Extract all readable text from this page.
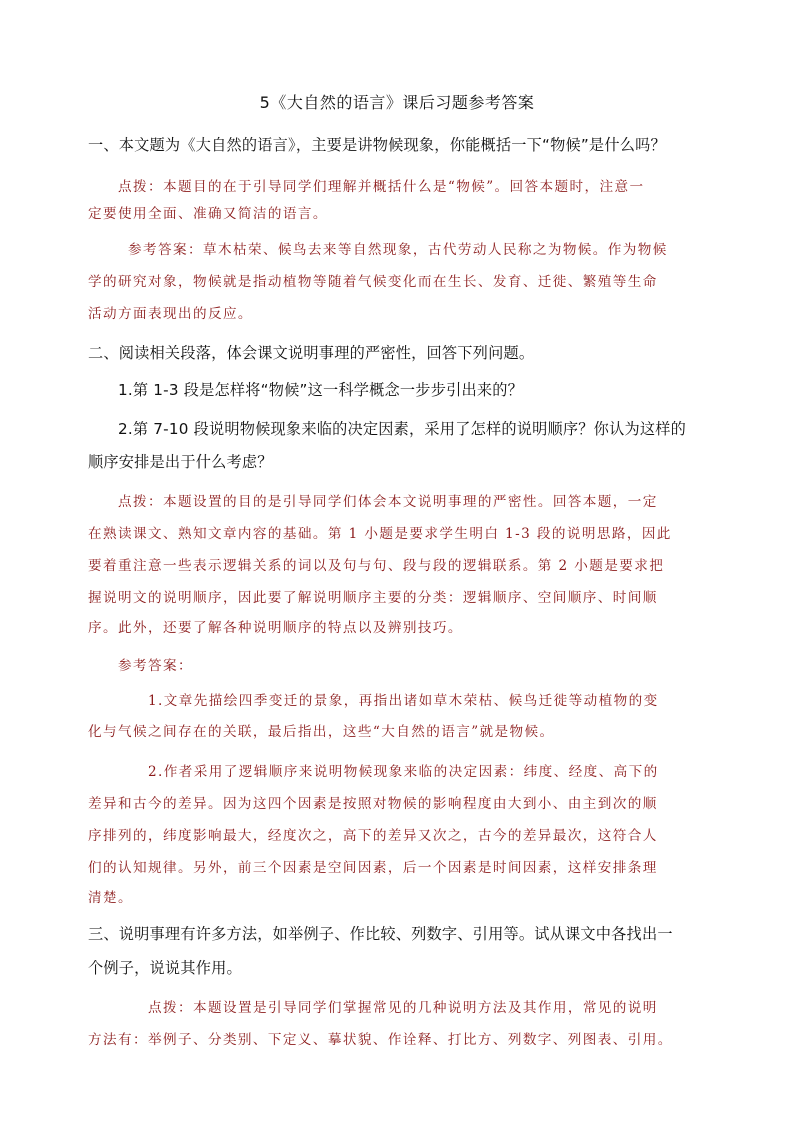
5《大自然的语言》课后习题参考答案
一、本文题为《大自然的语言》，主要是讲物候现象，你能概括一下“物候”是什么吗？
点拨：本题目的在于引导同学们理解并概括什么是“物候”。回答本题时，注意一
定要使用全面、准确又简洁的语言。
参考答案：草木枯荣、候鸟去来等自然现象，古代劳动人民称之为物候。作为物候
学的研究对象，物候就是指动植物等随着气候变化而在生长、发育、迁徙、繁殖等生命
活动方面表现出的反应。
二、阅读相关段落，体会课文说明事理的严密性，回答下列问题。
1.第 1-3 段是怎样将“物候”这一科学概念一步步引出来的？
2.第 7-10 段说明物候现象来临的决定因素，采用了怎样的说明顺序？你认为这样的
顺序安排是出于什么考虑？
点拨：本题设置的目的是引导同学们体会本文说明事理的严密性。回答本题，一定
在熟读课文、熟知文章内容的基础。第 1 小题是要求学生明白 1-3 段的说明思路，因此
要着重注意一些表示逻辑关系的词以及句与句、段与段的逻辑联系。第 2 小题是要求把
握说明文的说明顺序，因此要了解说明顺序主要的分类：逻辑顺序、空间顺序、时间顺
序。此外，还要了解各种说明顺序的特点以及辨别技巧。
参考答案：
1.文章先描绘四季变迁的景象，再指出诸如草木荣枯、候鸟迁徙等动植物的变
化与气候之间存在的关联，最后指出，这些“大自然的语言”就是物候。
2.作者采用了逻辑顺序来说明物候现象来临的决定因素：纬度、经度、高下的
差异和古今的差异。因为这四个因素是按照对物候的影响程度由大到小、由主到次的顺
序排列的，纬度影响最大，经度次之，高下的差异又次之，古今的差异最次，这符合人
们的认知规律。另外，前三个因素是空间因素，后一个因素是时间因素，这样安排条理
清楚。
三、说明事理有许多方法，如举例子、作比较、列数字、引用等。试从课文中各找出一
个例子，说说其作用。
点拨：本题设置是引导同学们掌握常见的几种说明方法及其作用，常见的说明
方法有：举例子、分类别、下定义、摹状貌、作诠释、打比方、列数字、列图表、引用。
